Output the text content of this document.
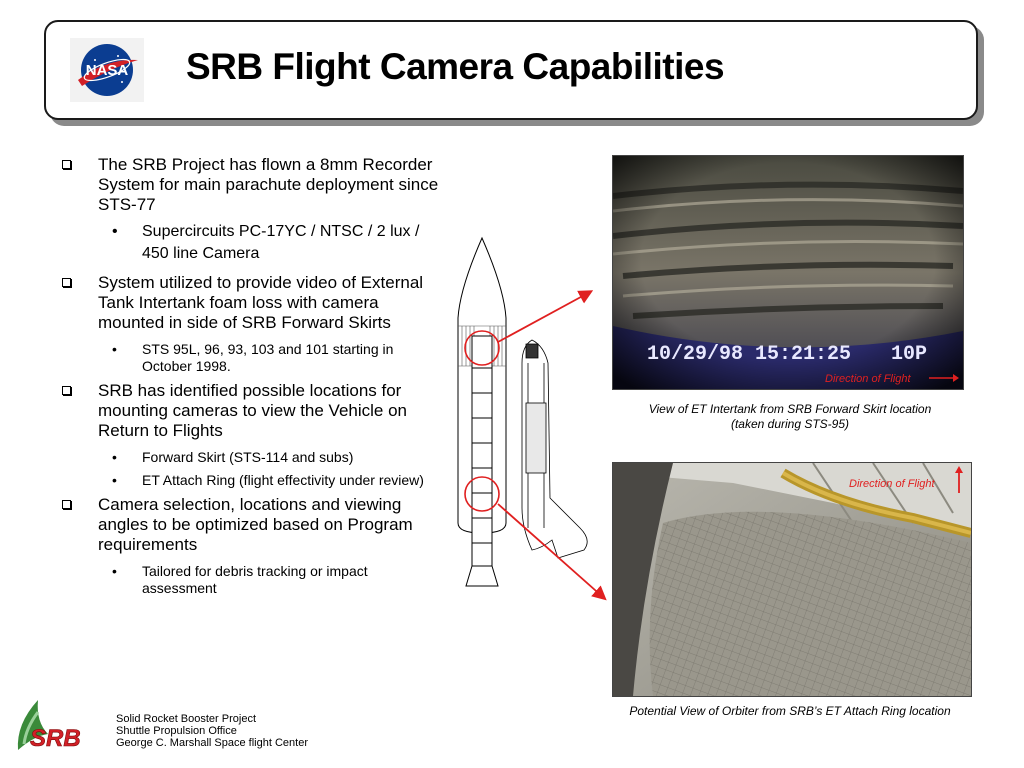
NASA SRB Flight Camera Capabilities
The SRB Project has flown a 8mm Recorder System for main parachute deployment since STS-77
• Supercircuits PC-17YC / NTSC / 2 lux / 450 line Camera
System utilized to provide video of External Tank Intertank foam loss with camera mounted in side of SRB Forward Skirts
• STS 95L, 96, 93, 103 and 101 starting in October 1998.
SRB has identified possible locations for mounting cameras to view the Vehicle on Return to Flights
• Forward Skirt (STS-114 and subs)
• ET Attach Ring (flight effectivity under review)
Camera selection, locations and viewing angles to be optimized based on Program requirements
• Tailored for debris tracking or impact assessment
10/29/98 15:21:25 10P
Direction of Flight
View of ET Intertank from SRB Forward Skirt location
(taken during STS-95)
Direction of Flight
Potential View of Orbiter from SRB’s ET Attach Ring location
SRB
Solid Rocket Booster Project
Shuttle Propulsion Office
George C. Marshall Space flight Center
